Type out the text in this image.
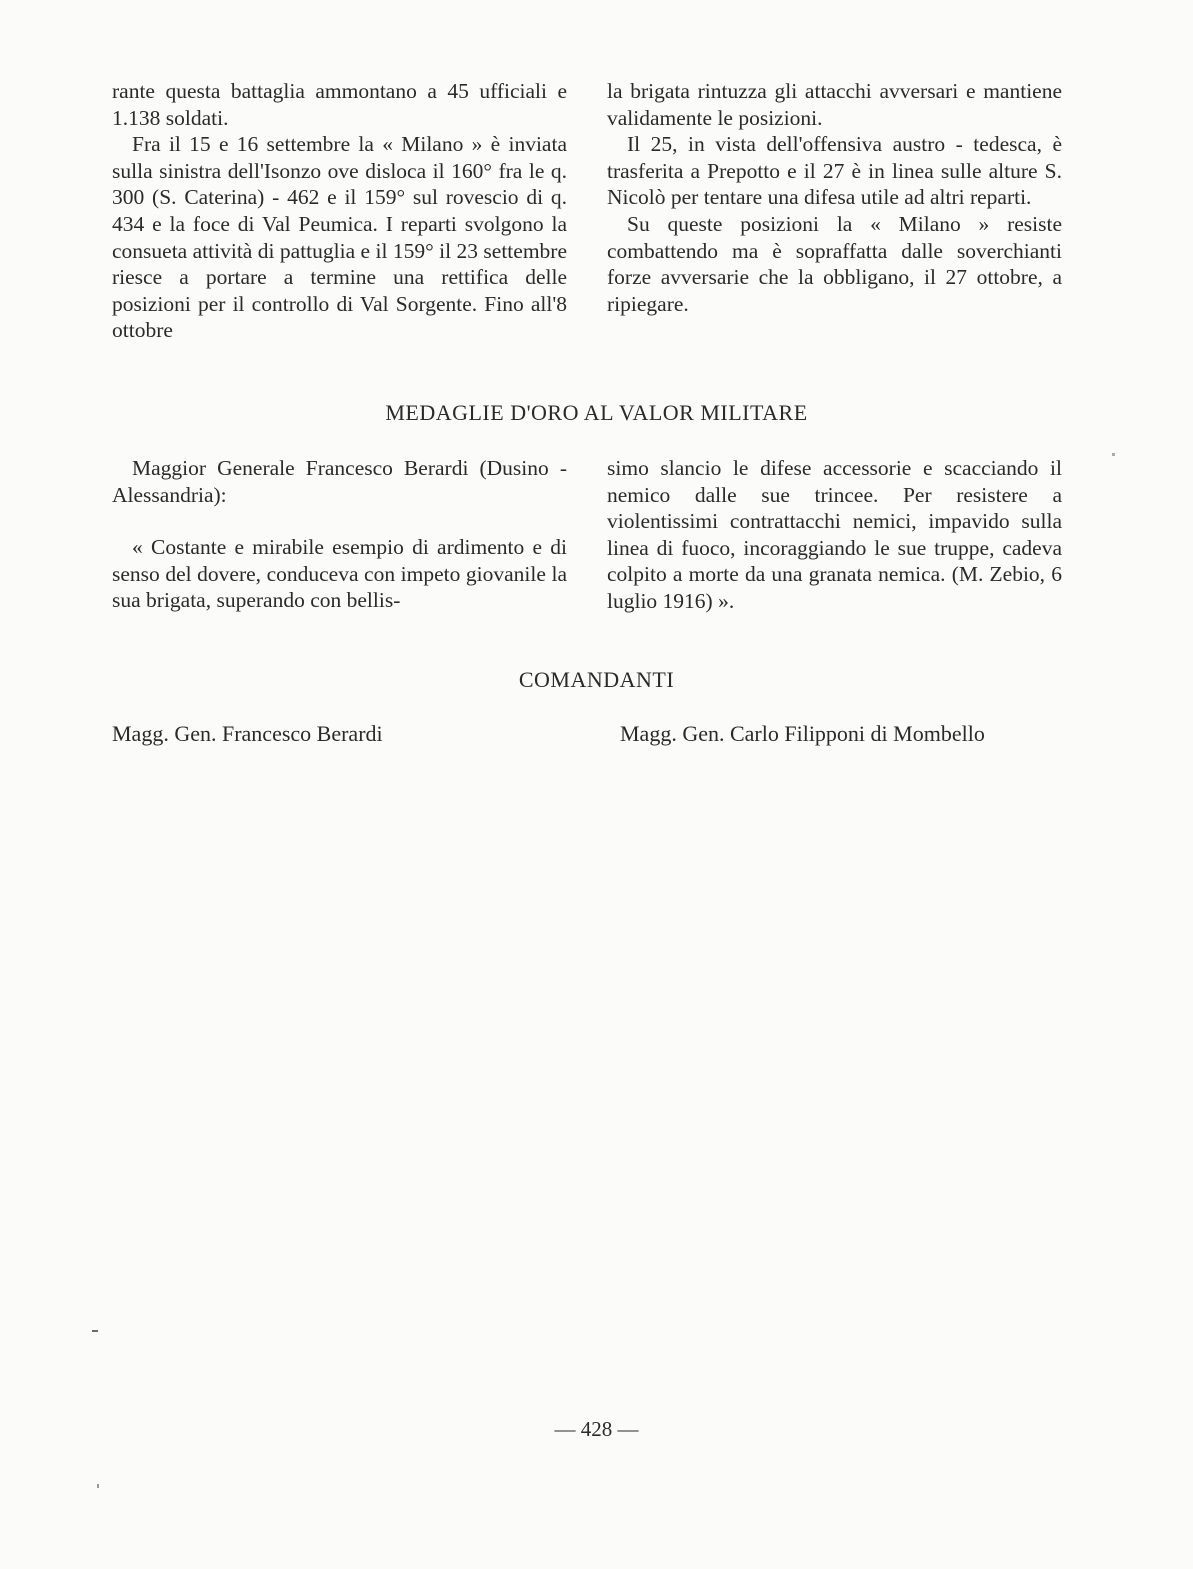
rante questa battaglia ammontano a 45 ufficiali e 1.138 soldati.

Fra il 15 e 16 settembre la « Milano » è inviata sulla sinistra dell'Isonzo ove disloca il 160° fra le q. 300 (S. Caterina) - 462 e il 159° sul rovescio di q. 434 e la foce di Val Peumica. I reparti svolgono la consueta attività di pattuglia e il 159° il 23 settembre riesce a portare a termine una rettifica delle posizioni per il controllo di Val Sorgente. Fino all'8 ottobre

la brigata rintuzza gli attacchi avversari e mantiene validamente le posizioni.

Il 25, in vista dell'offensiva austro - tedesca, è trasferita a Prepotto e il 27 è in linea sulle alture S. Nicolò per tentare una difesa utile ad altri reparti.

Su queste posizioni la « Milano » resiste combattendo ma è sopraffatta dalle soverchianti forze avversarie che la obbligano, il 27 ottobre, a ripiegare.

MEDAGLIE D'ORO AL VALOR MILITARE

Maggior Generale Francesco Berardi (Dusino - Alessandria):

« Costante e mirabile esempio di ardimento e di senso del dovere, conduceva con impeto giovanile la sua brigata, superando con bellis-

simo slancio le difese accessorie e scacciando il nemico dalle sue trincee. Per resistere a violentissimi contrattacchi nemici, impavido sulla linea di fuoco, incoraggiando le sue truppe, cadeva colpito a morte da una granata nemica. (M. Zebio, 6 luglio 1916) ».

COMANDANTI
Magg. Gen. Francesco Berardi	Magg. Gen. Carlo Filipponi di Mombello
— 428 —
